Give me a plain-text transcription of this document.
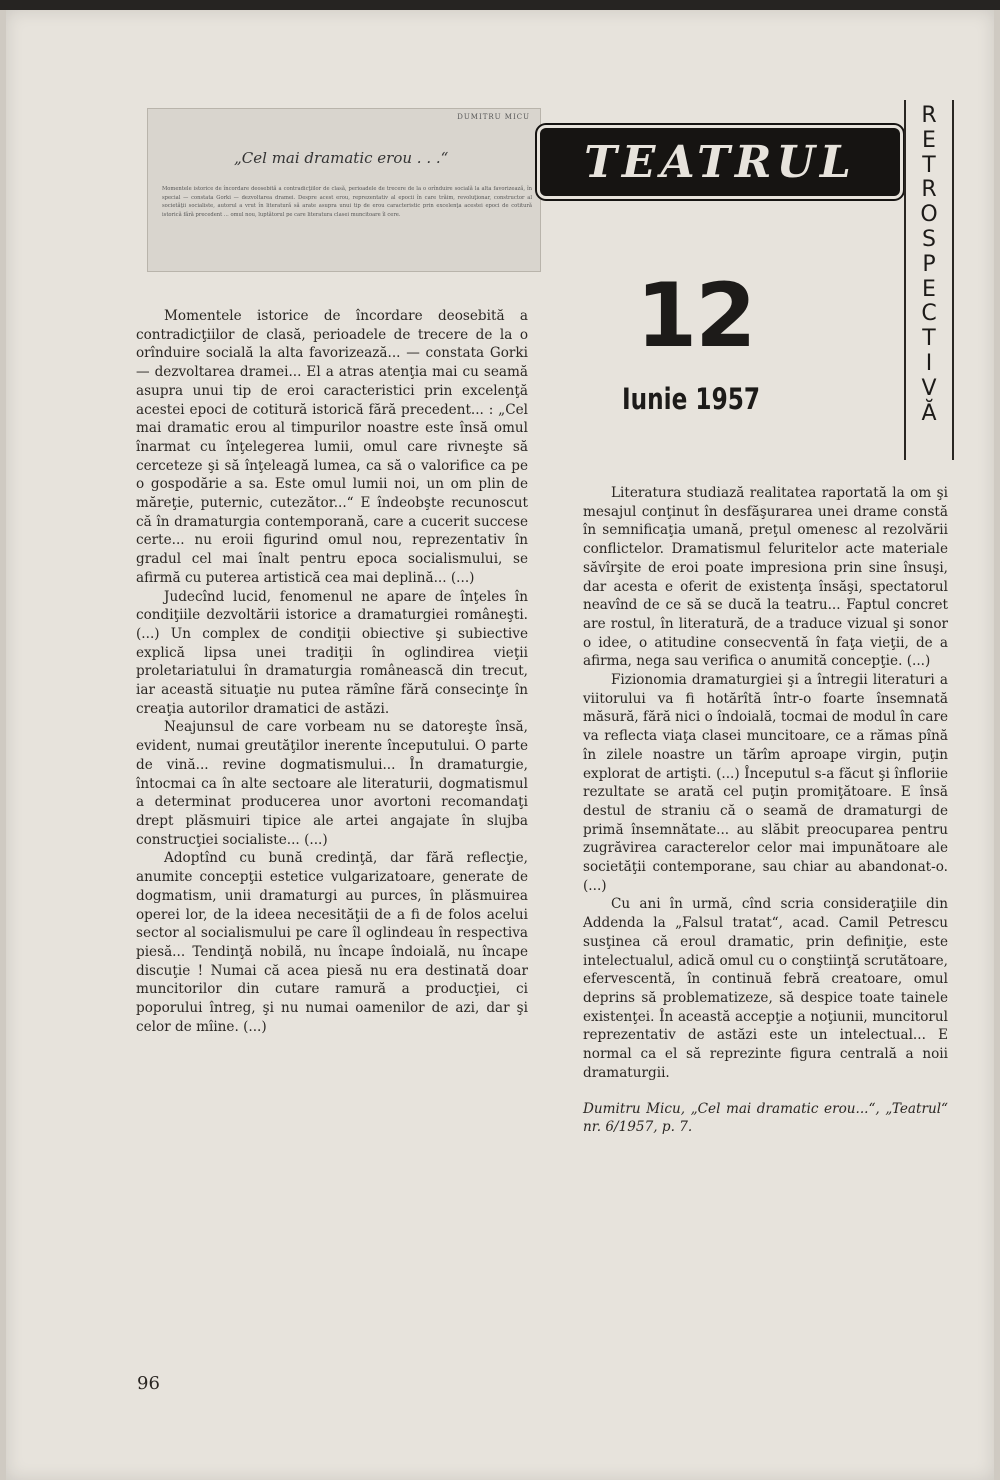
DUMITRU MICU
„Cel mai dramatic erou . . .“
Momentele istorice de încordare deosebită a contradicţiilor de clasă, perioadele de trecere de la o orînduire socială la alta favorizează, în special — constata Gorki — dezvoltarea dramei. Despre acest erou, reprezentativ al epocii în care trăim, revoluţionar, constructor al societăţii socialiste, autorul a vrut în literatură să arate asupra unui tip de erou caracteristic prin excelenţa acestei epoci de cotitură istorică fără precedent ... omul nou, luptătorul pe care literatura clasei muncitoare îl cere.
TEATRUL
R
E
T
R
O
S
P
E
C
T
I
V
Ă
12
Iunie 1957

Momentele istorice de încordare deosebită a contradicţiilor de clasă, perioadele de trecere de la o orînduire socială la alta favorizează... — constata Gorki — dezvoltarea dramei... El a atras atenţia mai cu seamă asupra unui tip de eroi caracteristici prin excelenţă acestei epoci de cotitură istorică fără precedent... : „Cel mai dramatic erou al timpurilor noastre este însă omul înarmat cu înţelegerea lumii, omul care rivneşte să cerceteze şi să înţeleagă lumea, ca să o valorifice ca pe o gospodărie a sa. Este omul lumii noi, un om plin de măreţie, puternic, cutezător...“ E îndeobşte recunoscut că în dramaturgia contemporană, care a cucerit succese certe... nu eroii figurind omul nou, reprezentativ în gradul cel mai înalt pentru epoca socialismului, se afirmă cu puterea artistică cea mai deplină... (...)

Judecînd lucid, fenomenul ne apare de înţeles în condiţiile dezvoltării istorice a dramaturgiei româneşti. (...) Un complex de condiţii obiective şi subiective explică lipsa unei tradiţii în oglindirea vieţii proletariatului în dramaturgia românească din trecut, iar această situaţie nu putea rămîne fără consecinţe în creaţia autorilor dramatici de astăzi.

Neajunsul de care vorbeam nu se datoreşte însă, evident, numai greutăţilor inerente începutului. O parte de vină... revine dogmatismului... În dramaturgie, întocmai ca în alte sectoare ale literaturii, dogmatismul a determinat producerea unor avortoni recomandaţi drept plăsmuiri tipice ale artei angajate în slujba construcţiei socialiste... (...)

Adoptînd cu bună credinţă, dar fără reflecţie, anumite concepţii estetice vulgarizatoare, generate de dogmatism, unii dramaturgi au purces, în plăsmuirea operei lor, de la ideea necesităţii de a fi de folos acelui sector al socialismului pe care îl oglindeau în respectiva piesă... Tendinţă nobilă, nu încape îndoială, nu încape discuţie ! Numai că acea piesă nu era destinată doar muncitorilor din cutare ramură a producţiei, ci poporului întreg, şi nu numai oamenilor de azi, dar şi celor de mîine. (...)

Literatura studiază realitatea raportată la om şi mesajul conţinut în desfăşurarea unei drame constă în semnificaţia umană, preţul omenesc al rezolvării conflictelor. Dramatismul feluritelor acte materiale săvîrşite de eroi poate impresiona prin sine însuşi, dar acesta e oferit de existenţa însăşi, spectatorul neavînd de ce să se ducă la teatru... Faptul concret are rostul, în literatură, de a traduce vizual şi sonor o idee, o atitudine consecventă în faţa vieţii, de a afirma, nega sau verifica o anumită concepţie. (...)

Fizionomia dramaturgiei şi a întregii literaturi a viitorului va fi hotărîtă într-o foarte însemnată măsură, fără nici o îndoială, tocmai de modul în care va reflecta viaţa clasei muncitoare, ce a rămas pînă în zilele noastre un tărîm aproape virgin, puţin explorat de artişti. (...) Începutul s-a făcut şi înfloriie rezultate se arată cel puţin promiţătoare. E însă destul de straniu că o seamă de dramaturgi de primă însemnătate... au slăbit preocuparea pentru zugrăvirea caracterelor celor mai impunătoare ale societăţii contemporane, sau chiar au abandonat-o. (...)

Cu ani în urmă, cînd scria consideraţiile din Addenda la „Falsul tratat“, acad. Camil Petrescu susţinea că eroul dramatic, prin definiţie, este intelectualul, adică omul cu o conştiinţă scrutătoare, efervescentă, în continuă febră creatoare, omul deprins să problematizeze, să despice toate tainele existenţei. În această accepţie a noţiunii, muncitorul reprezentativ de astăzi este un intelectual... E normal ca el să reprezinte figura centrală a noii dramaturgii.

Dumitru Micu, „Cel mai dramatic erou...“, „Teatrul“ nr. 6/1957, p. 7.

96
